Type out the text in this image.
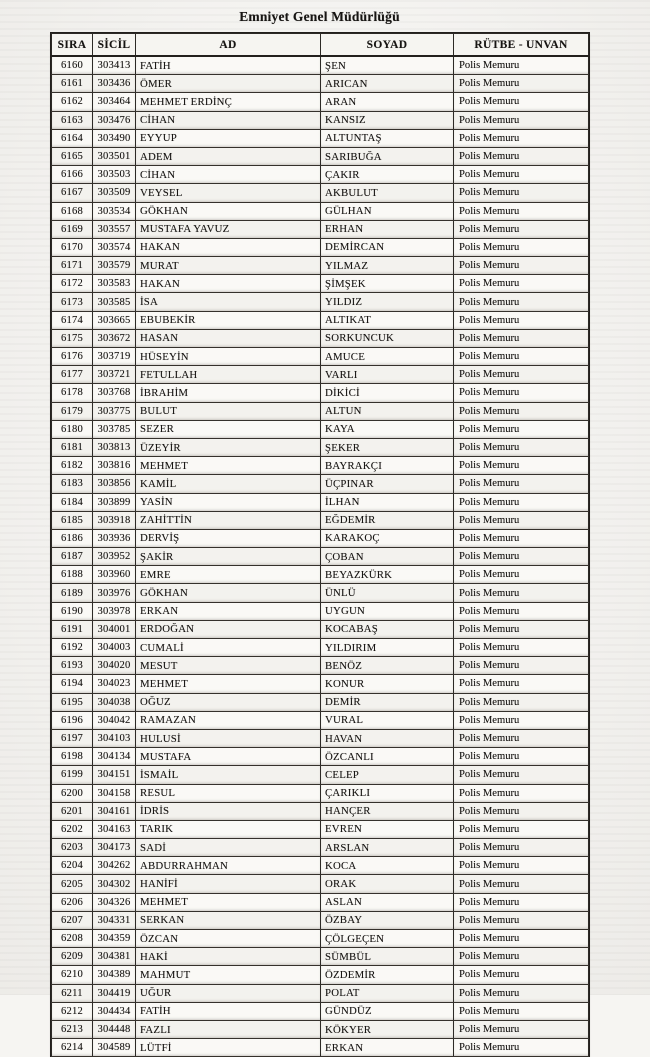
Emniyet Genel Müdürlüğü
SIRA	SİCİL	AD	SOYAD	RÜTBE - UNVAN
6160	303413	FATİH	ŞEN	Polis Memuru
6161	303436	ÖMER	ARICAN	Polis Memuru
6162	303464	MEHMET ERDİNÇ	ARAN	Polis Memuru
6163	303476	CİHAN	KANSIZ	Polis Memuru
6164	303490	EYYUP	ALTUNTAŞ	Polis Memuru
6165	303501	ADEM	SARIBUĞA	Polis Memuru
6166	303503	CİHAN	ÇAKIR	Polis Memuru
6167	303509	VEYSEL	AKBULUT	Polis Memuru
6168	303534	GÖKHAN	GÜLHAN	Polis Memuru
6169	303557	MUSTAFA YAVUZ	ERHAN	Polis Memuru
6170	303574	HAKAN	DEMİRCAN	Polis Memuru
6171	303579	MURAT	YILMAZ	Polis Memuru
6172	303583	HAKAN	ŞİMŞEK	Polis Memuru
6173	303585	İSA	YILDIZ	Polis Memuru
6174	303665	EBUBEKİR	ALTIKAT	Polis Memuru
6175	303672	HASAN	SORKUNCUK	Polis Memuru
6176	303719	HÜSEYİN	AMUCE	Polis Memuru
6177	303721	FETULLAH	VARLI	Polis Memuru
6178	303768	İBRAHİM	DİKİCİ	Polis Memuru
6179	303775	BULUT	ALTUN	Polis Memuru
6180	303785	SEZER	KAYA	Polis Memuru
6181	303813	ÜZEYİR	ŞEKER	Polis Memuru
6182	303816	MEHMET	BAYRAKÇI	Polis Memuru
6183	303856	KAMİL	ÜÇPINAR	Polis Memuru
6184	303899	YASİN	İLHAN	Polis Memuru
6185	303918	ZAHİTTİN	EĞDEMİR	Polis Memuru
6186	303936	DERVİŞ	KARAKOÇ	Polis Memuru
6187	303952	ŞAKİR	ÇOBAN	Polis Memuru
6188	303960	EMRE	BEYAZKÜRK	Polis Memuru
6189	303976	GÖKHAN	ÜNLÜ	Polis Memuru
6190	303978	ERKAN	UYGUN	Polis Memuru
6191	304001	ERDOĞAN	KOCABAŞ	Polis Memuru
6192	304003	CUMALİ	YILDIRIM	Polis Memuru
6193	304020	MESUT	BENÖZ	Polis Memuru
6194	304023	MEHMET	KONUR	Polis Memuru
6195	304038	OĞUZ	DEMİR	Polis Memuru
6196	304042	RAMAZAN	VURAL	Polis Memuru
6197	304103	HULUSİ	HAVAN	Polis Memuru
6198	304134	MUSTAFA	ÖZCANLI	Polis Memuru
6199	304151	İSMAİL	CELEP	Polis Memuru
6200	304158	RESUL	ÇARIKLI	Polis Memuru
6201	304161	İDRİS	HANÇER	Polis Memuru
6202	304163	TARIK	EVREN	Polis Memuru
6203	304173	SADİ	ARSLAN	Polis Memuru
6204	304262	ABDURRAHMAN	KOCA	Polis Memuru
6205	304302	HANİFİ	ORAK	Polis Memuru
6206	304326	MEHMET	ASLAN	Polis Memuru
6207	304331	SERKAN	ÖZBAY	Polis Memuru
6208	304359	ÖZCAN	ÇÖLGEÇEN	Polis Memuru
6209	304381	HAKİ	SÜMBÜL	Polis Memuru
6210	304389	MAHMUT	ÖZDEMİR	Polis Memuru
6211	304419	UĞUR	POLAT	Polis Memuru
6212	304434	FATİH	GÜNDÜZ	Polis Memuru
6213	304448	FAZLI	KÖKYER	Polis Memuru
6214	304589	LÜTFİ	ERKAN	Polis Memuru
